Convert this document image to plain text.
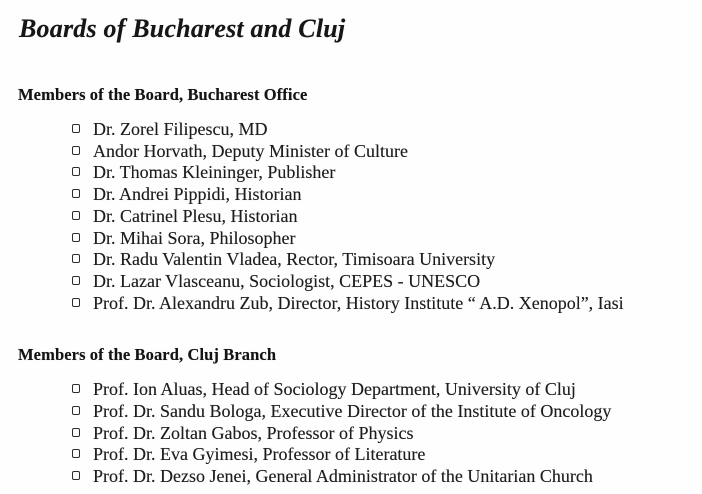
Boards of Bucharest and Cluj
Members of the Board, Bucharest Office
Dr. Zorel Filipescu, MD
Andor Horvath, Deputy Minister of Culture
Dr. Thomas Kleininger, Publisher
Dr. Andrei Pippidi, Historian
Dr. Catrinel Plesu, Historian
Dr. Mihai Sora, Philosopher
Dr. Radu Valentin Vladea, Rector, Timisoara University
Dr. Lazar Vlasceanu, Sociologist, CEPES - UNESCO
Prof. Dr. Alexandru Zub, Director, History Institute “ A.D. Xenopol”, Iasi
Members of the Board, Cluj Branch
Prof. Ion Aluas, Head of Sociology Department, University of Cluj
Prof. Dr. Sandu Bologa, Executive Director of the Institute of Oncology
Prof. Dr. Zoltan Gabos, Professor of Physics
Prof. Dr. Eva Gyimesi, Professor of Literature
Prof. Dr. Dezso Jenei, General Administrator of the Unitarian Church
